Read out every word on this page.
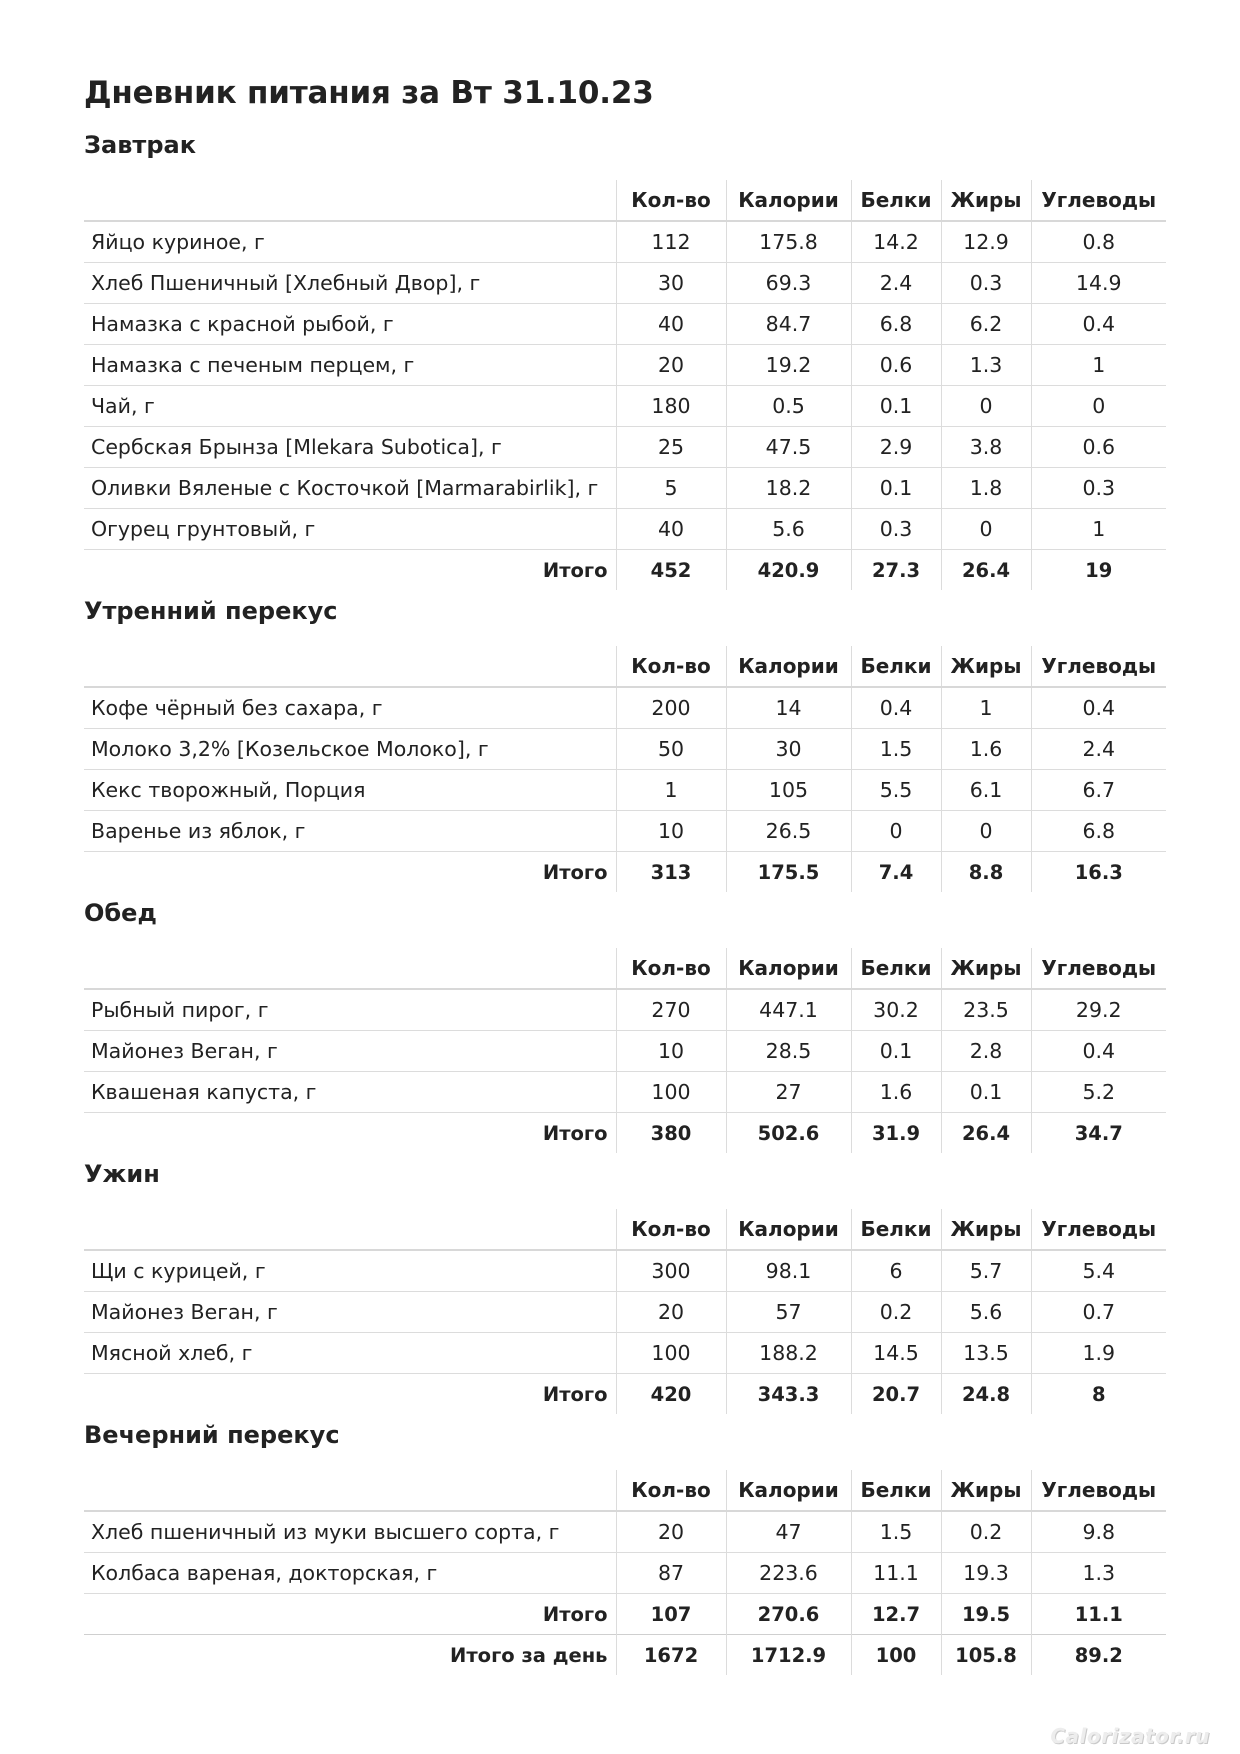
Дневник питания за Вт 31.10.23
Завтрак
	Кол-во	Калории	Белки	Жиры	Углеводы
Яйцо куриное, г	112	175.8	14.2	12.9	0.8
Хлеб Пшеничный [Хлебный Двор], г	30	69.3	2.4	0.3	14.9
Намазка с красной рыбой, г	40	84.7	6.8	6.2	0.4
Намазка с печеным перцем, г	20	19.2	0.6	1.3	1
Чай, г	180	0.5	0.1	0	0
Сербская Брынза [Mlekara Subotica], г	25	47.5	2.9	3.8	0.6
Оливки Вяленые с Косточкой [Marmarabirlik], г	5	18.2	0.1	1.8	0.3
Огурец грунтовый, г	40	5.6	0.3	0	1
Итого	452	420.9	27.3	26.4	19
Утренний перекус
	Кол-во	Калории	Белки	Жиры	Углеводы
Кофе чёрный без сахара, г	200	14	0.4	1	0.4
Молоко 3,2% [Козельское Молоко], г	50	30	1.5	1.6	2.4
Кекс творожный, Порция	1	105	5.5	6.1	6.7
Варенье из яблок, г	10	26.5	0	0	6.8
Итого	313	175.5	7.4	8.8	16.3
Обед
	Кол-во	Калории	Белки	Жиры	Углеводы
Рыбный пирог, г	270	447.1	30.2	23.5	29.2
Майонез Веган, г	10	28.5	0.1	2.8	0.4
Квашеная капуста, г	100	27	1.6	0.1	5.2
Итого	380	502.6	31.9	26.4	34.7
Ужин
	Кол-во	Калории	Белки	Жиры	Углеводы
Щи с курицей, г	300	98.1	6	5.7	5.4
Майонез Веган, г	20	57	0.2	5.6	0.7
Мясной хлеб, г	100	188.2	14.5	13.5	1.9
Итого	420	343.3	20.7	24.8	8
Вечерний перекус
	Кол-во	Калории	Белки	Жиры	Углеводы
Хлеб пшеничный из муки высшего сорта, г	20	47	1.5	0.2	9.8
Колбаса вареная, докторская, г	87	223.6	11.1	19.3	1.3
Итого	107	270.6	12.7	19.5	11.1
Итого за день	1672	1712.9	100	105.8	89.2
Calorizator.ru
